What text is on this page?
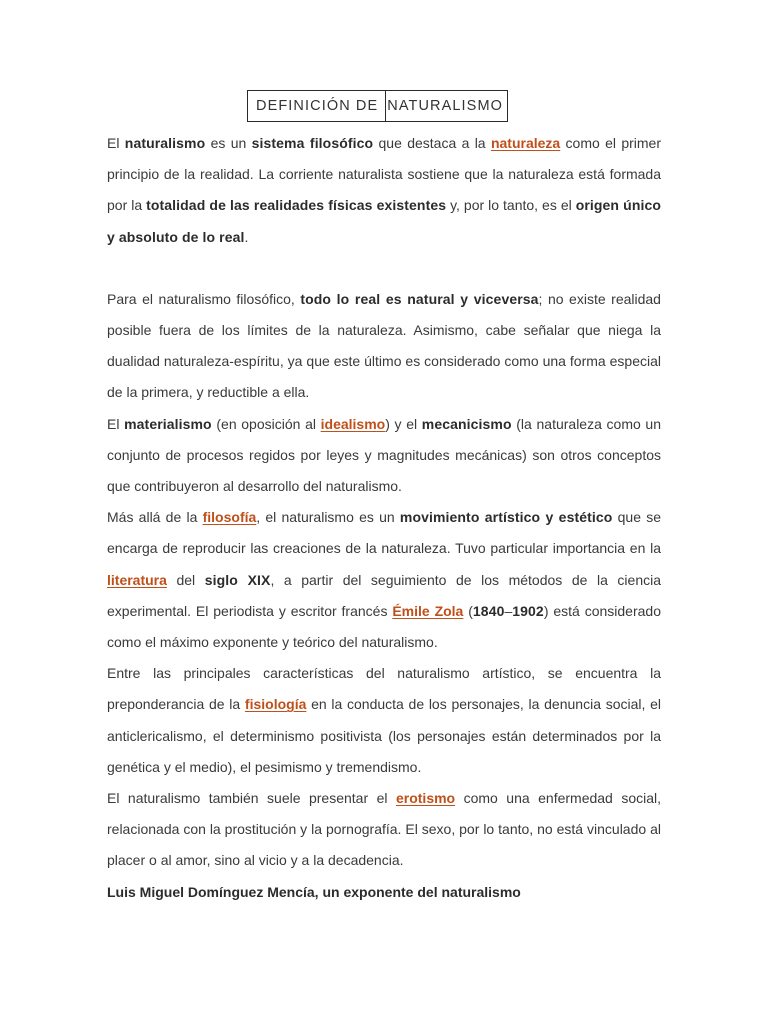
DEFINICIÓN DE NATURALISMO

El naturalismo es un sistema filosófico que destaca a la naturaleza como el primer principio de la realidad. La corriente naturalista sostiene que la naturaleza está formada por la totalidad de las realidades físicas existentes y, por lo tanto, es el origen único y absoluto de lo real.

Para el naturalismo filosófico, todo lo real es natural y viceversa; no existe realidad posible fuera de los límites de la naturaleza. Asimismo, cabe señalar que niega la dualidad naturaleza-espíritu, ya que este último es considerado como una forma especial de la primera, y reductible a ella.

El materialismo (en oposición al idealismo) y el mecanicismo (la naturaleza como un conjunto de procesos regidos por leyes y magnitudes mecánicas) son otros conceptos que contribuyeron al desarrollo del naturalismo.

Más allá de la filosofía, el naturalismo es un movimiento artístico y estético que se encarga de reproducir las creaciones de la naturaleza. Tuvo particular importancia en la literatura del siglo XIX, a partir del seguimiento de los métodos de la ciencia experimental. El periodista y escritor francés Émile Zola (1840–1902) está considerado como el máximo exponente y teórico del naturalismo.

Entre las principales características del naturalismo artístico, se encuentra la preponderancia de la fisiología en la conducta de los personajes, la denuncia social, el anticlericalismo, el determinismo positivista (los personajes están determinados por la genética y el medio), el pesimismo y tremendismo.

El naturalismo también suele presentar el erotismo como una enfermedad social, relacionada con la prostitución y la pornografía. El sexo, por lo tanto, no está vinculado al placer o al amor, sino al vicio y a la decadencia.

Luis Miguel Domínguez Mencía, un exponente del naturalismo
